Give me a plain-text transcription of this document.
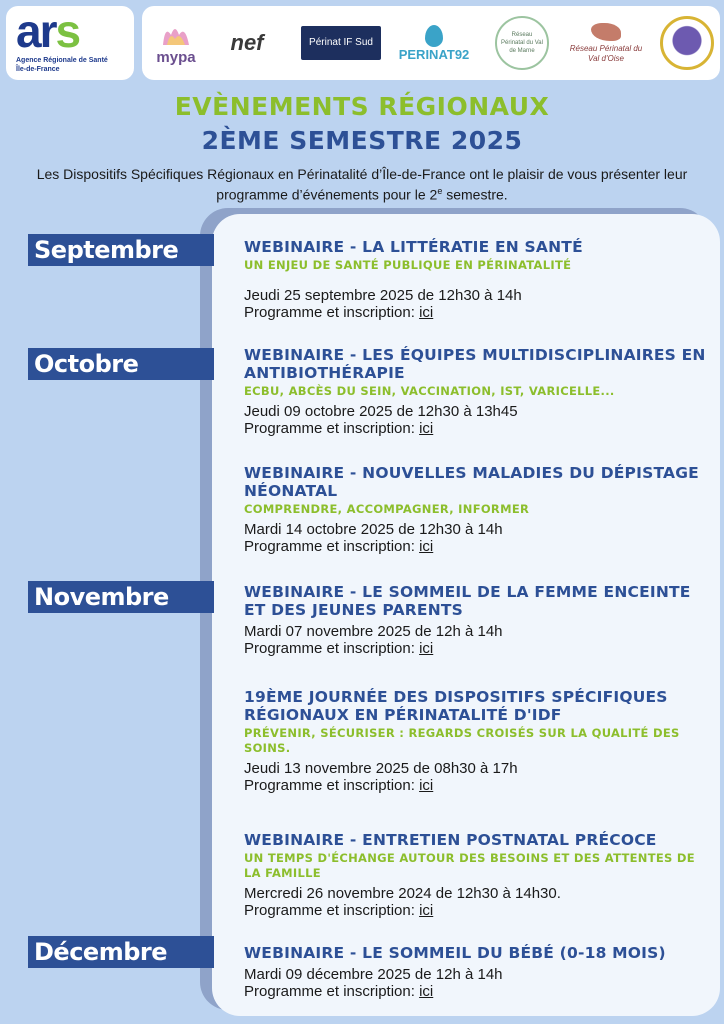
ars
Agence Régionale de Santé
Île-de-France
mypa
nef	Périnat IF Sud
PERINAT92
Réseau Périnatal du Val de Marne	Réseau Périnatal du Val d'Oise
EVÈNEMENTS RÉGIONAUX
2ÈME SEMESTRE 2025
Les Dispositifs Spécifiques Régionaux en Périnatalité d’Île-de-France ont le plaisir de vous présenter leur programme d’événements pour le 2e semestre.
Septembre
Octobre
Novembre
Décembre
WEBINAIRE - LA LITTÉRATIE EN SANTÉ
UN ENJEU DE SANTÉ PUBLIQUE EN PÉRINATALITÉ
Jeudi 25 septembre 2025 de 12h30 à 14h
Programme et inscription: ici
WEBINAIRE - LES ÉQUIPES MULTIDISCIPLINAIRES EN ANTIBIOTHÉRAPIE
ECBU, ABCÈS DU SEIN, VACCINATION, IST, VARICELLE...
Jeudi 09 octobre 2025 de 12h30 à 13h45
Programme et inscription: ici
WEBINAIRE - NOUVELLES MALADIES DU DÉPISTAGE NÉONATAL
COMPRENDRE, ACCOMPAGNER, INFORMER
Mardi 14 octobre 2025 de 12h30 à 14h
Programme et inscription: ici
WEBINAIRE - LE SOMMEIL DE LA FEMME ENCEINTE ET DES JEUNES PARENTS
Mardi 07 novembre 2025 de 12h à 14h
Programme et inscription: ici
19ÈME JOURNÉE DES DISPOSITIFS SPÉCIFIQUES RÉGIONAUX EN PÉRINATALITÉ D'IDF
PRÉVENIR, SÉCURISER : REGARDS CROISÉS SUR LA QUALITÉ DES SOINS.
Jeudi 13 novembre 2025 de 08h30 à 17h
Programme et inscription: ici
WEBINAIRE - ENTRETIEN POSTNATAL PRÉCOCE
UN TEMPS D'ÉCHANGE AUTOUR DES BESOINS ET DES ATTENTES DE LA FAMILLE
Mercredi 26 novembre 2024 de 12h30 à 14h30.
Programme et inscription: ici
WEBINAIRE - LE SOMMEIL DU BÉBÉ (0-18 MOIS)
Mardi 09 décembre 2025 de 12h à 14h
Programme et inscription: ici
